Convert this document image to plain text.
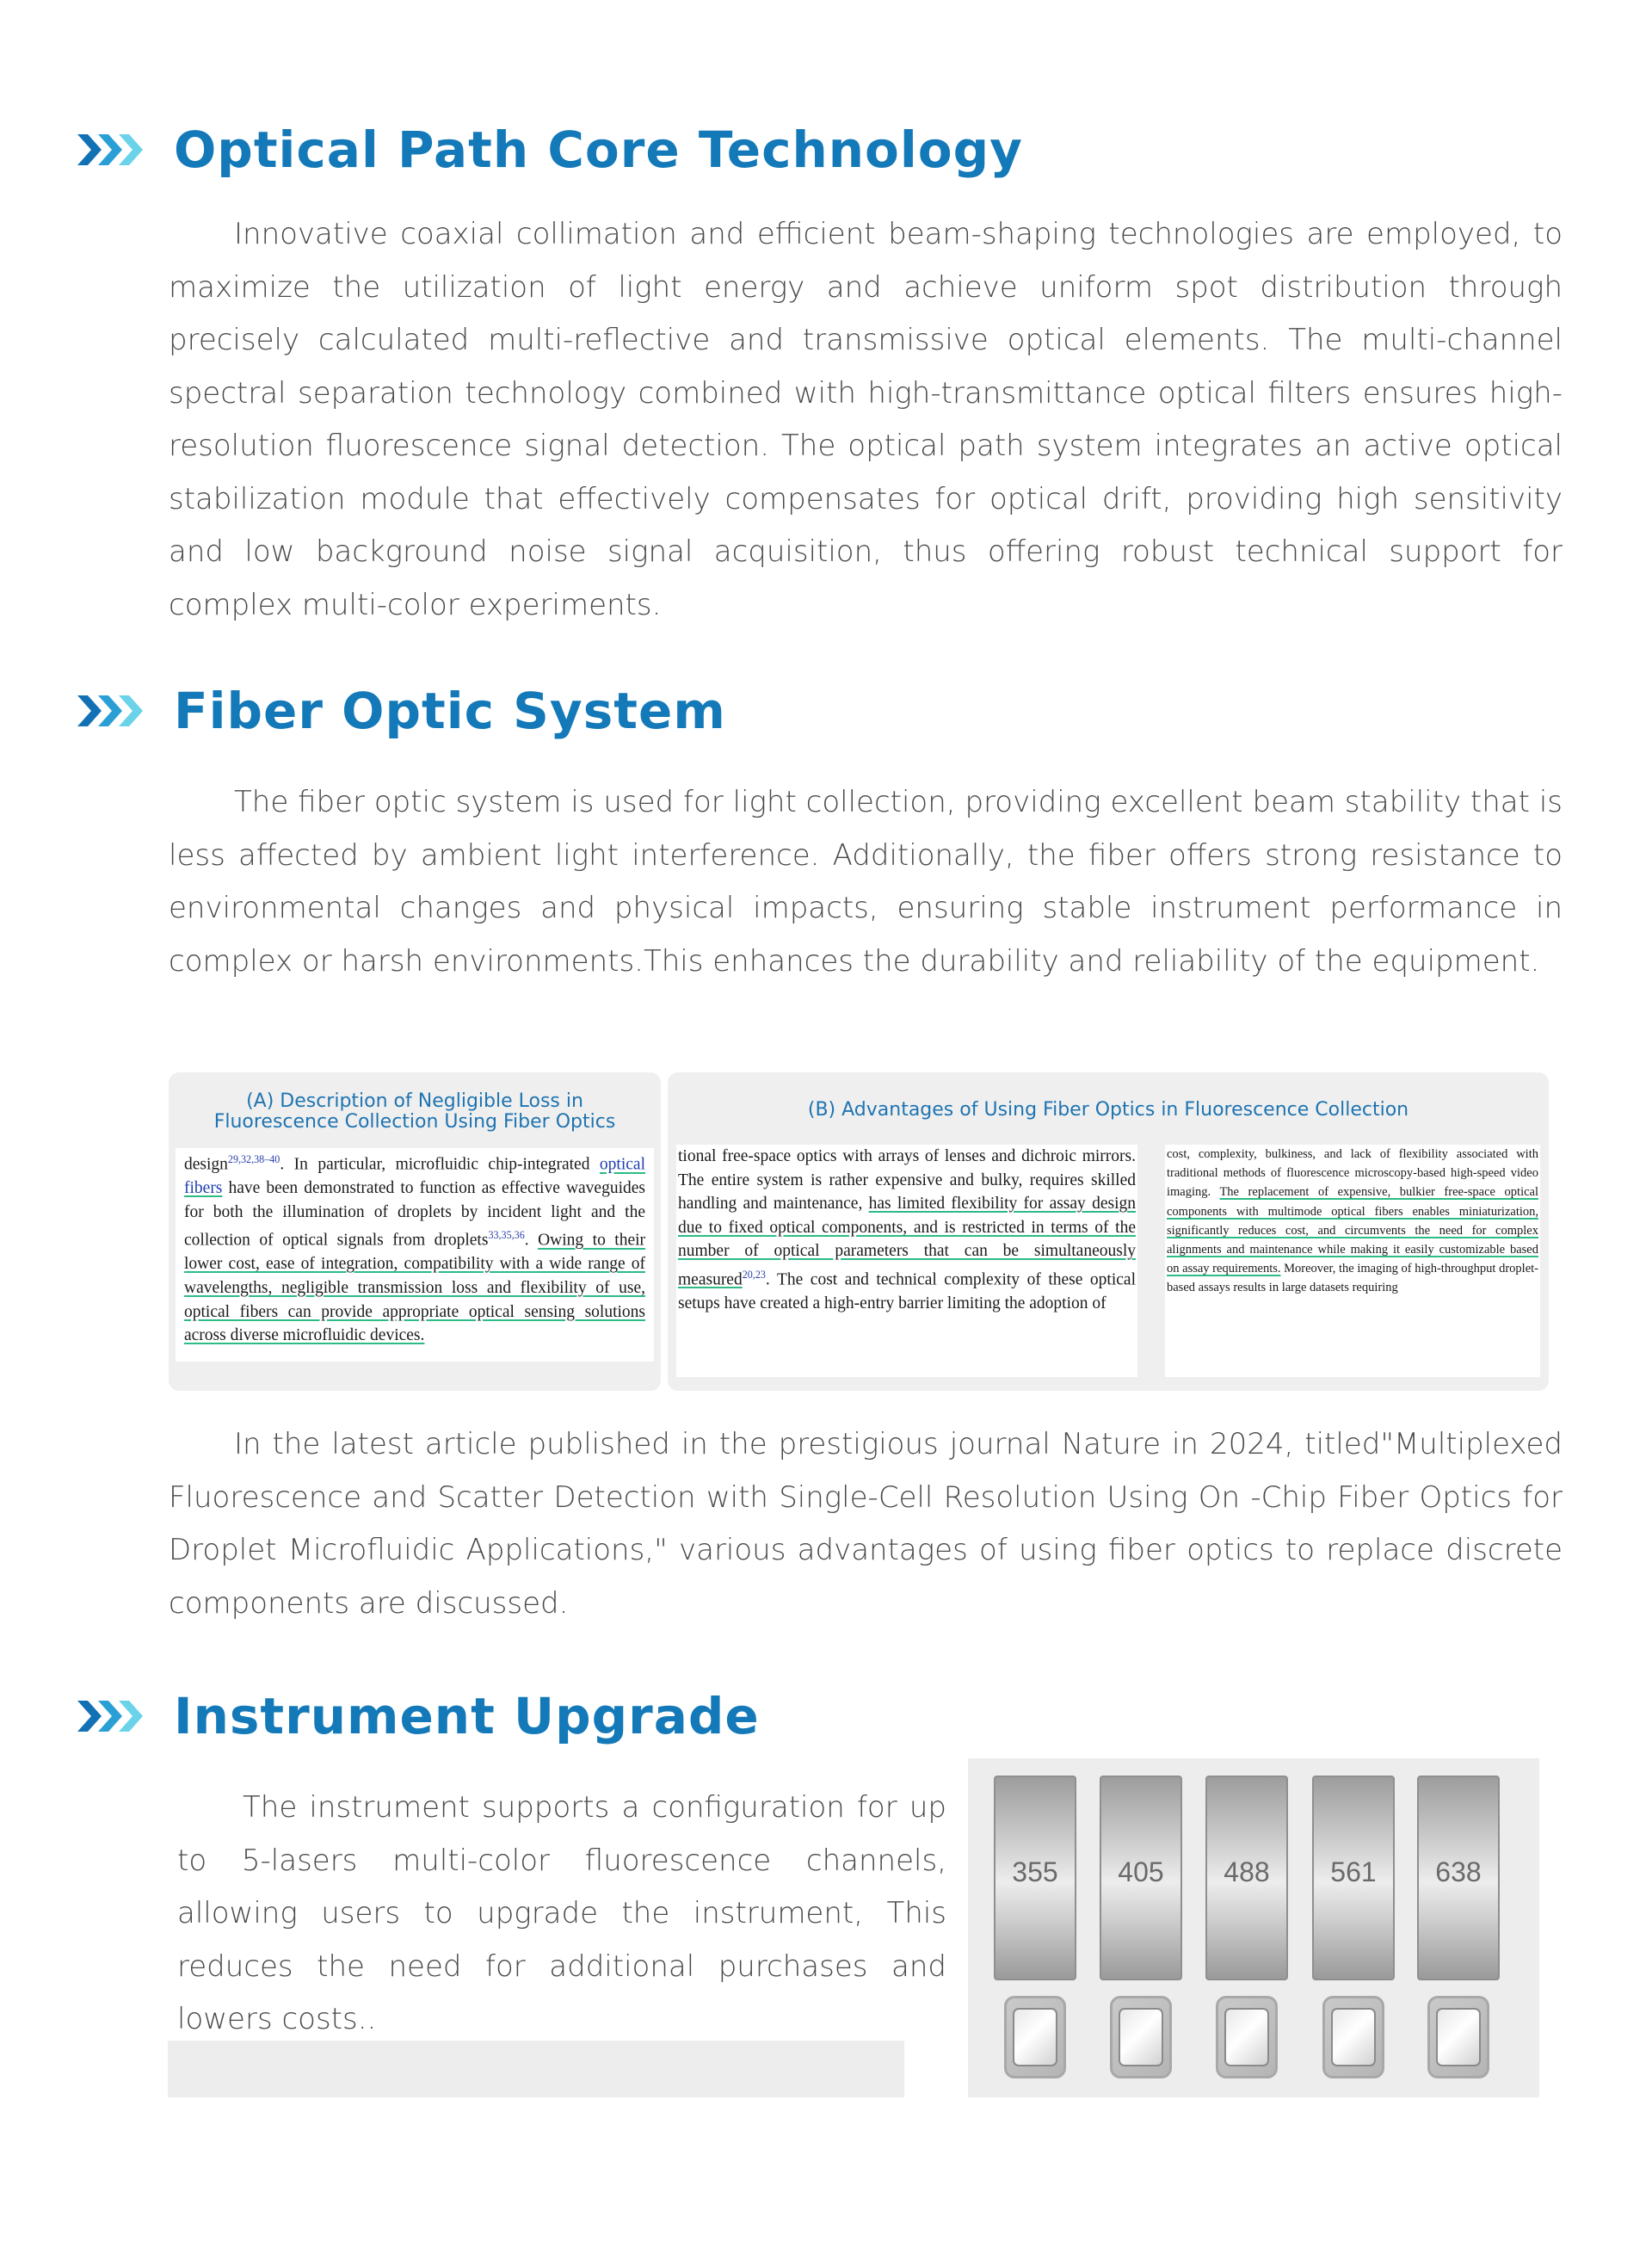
Optical Path Core Technology

Innovative coaxial collimation and efficient beam-shaping technologies are employed, to maximize the utilization of light energy and achieve uniform spot distribution through precisely calculated multi-reflective and transmissive optical elements. The multi-channel spectral separation technology combined with high-transmittance optical filters ensures high-resolution fluorescence signal detection. The optical path system integrates an active optical stabilization module that effectively compensates for optical drift, providing high sensitivity and low background noise signal acquisition, thus offering robust technical support for complex multi-color experiments.

Fiber Optic System

The fiber optic system is used for light collection, providing excellent beam stability that is less affected by ambient light interference. Additionally, the fiber offers strong resistance to environmental changes and physical impacts, ensuring stable instrument performance in complex or harsh environments.This enhances the durability and reliability of the equipment.

(A) Description of Negligible Loss in Fluorescence Collection Using Fiber Optics

design$^{29,32,38-40}$. In particular, microfluidic chip-integrated optical fibers have been demonstrated to function as effective waveguides for both the illumination of droplets by incident light and the collection of optical signals from droplets$^{33,35,36}$. Owing to their lower cost, ease of integration, compatibility with a wide range of wavelengths, negligible transmission loss and flexibility of use, optical fibers can provide appropriate optical sensing solutions across diverse microfluidic devices.

(B) Advantages of Using Fiber Optics in Fluorescence Collection

tional free-space optics with arrays of lenses and dichroic mirrors. The entire system is rather expensive and bulky, requires skilled handling and maintenance, has limited flexibility for assay design due to fixed optical components, and is restricted in terms of the number of optical parameters that can be simultaneously measured$^{20,23}$. The cost and technical complexity of these optical setups have created a high-entry barrier limiting the adoption of

cost, complexity, bulkiness, and lack of flexibility associated with traditional methods of fluorescence microscopy-based high-speed video imaging. The replacement of expensive, bulkier free-space optical components with multimode optical fibers enables miniaturization, significantly reduces cost, and circumvents the need for complex alignments and maintenance while making it easily customizable based on assay requirements. Moreover, the imaging of high-throughput droplet-based assays results in large datasets requiring

In the latest article published in the prestigious journal Nature in 2024, titled"Multiplexed Fluorescence and Scatter Detection with Single-Cell Resolution Using On -Chip Fiber Optics for Droplet Microfluidic Applications," various advantages of using fiber optics to replace discrete components are discussed.

Instrument Upgrade

The instrument supports a configuration for up to 5-lasers multi-color fluorescence channels, allowing users to upgrade the instrument, This reduces the need for additional purchases and lowers costs..

355 405 488 561 638
